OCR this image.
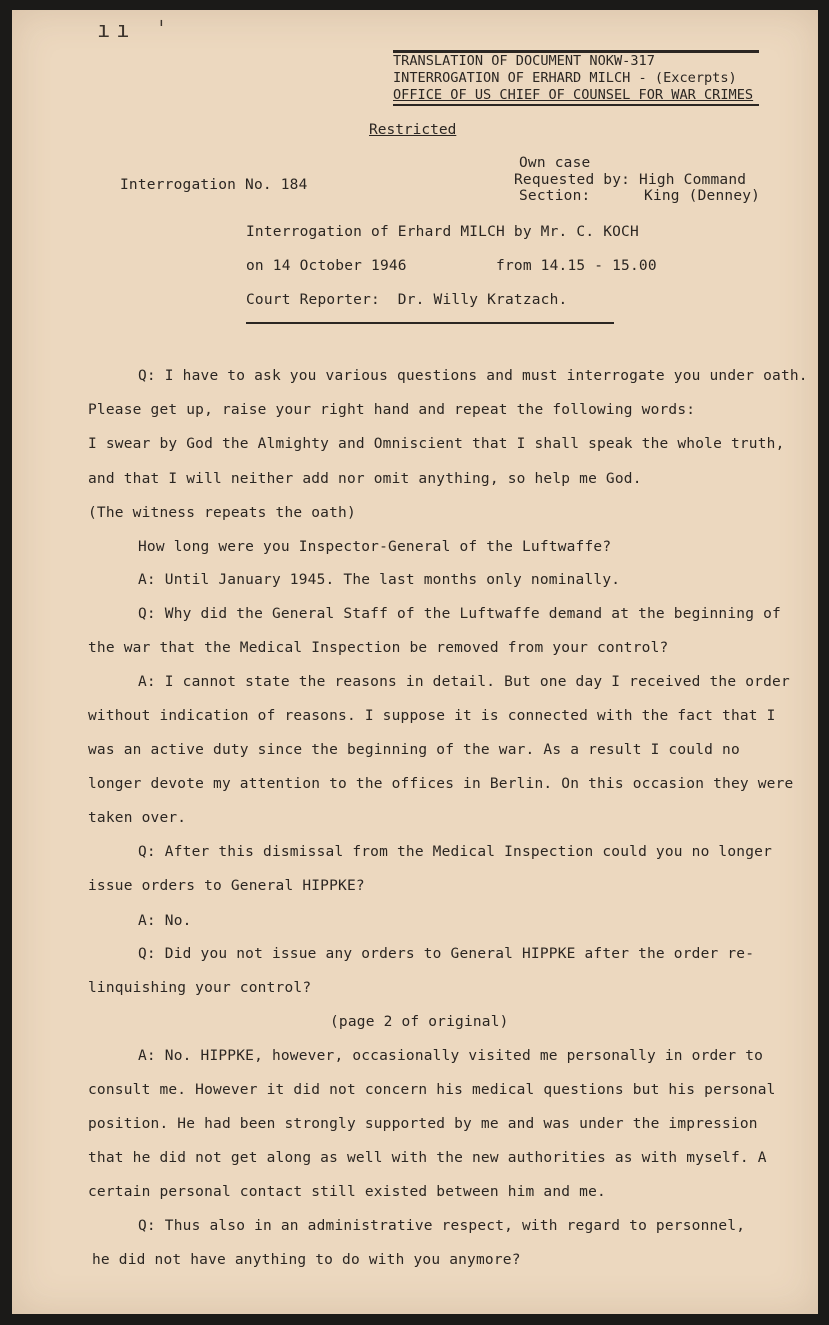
ıı ˈ
TRANSLATION OF DOCUMENT NOKW-317
INTERROGATION OF ERHARD MILCH - (Excerpts)
OFFICE OF US CHIEF OF COUNSEL FOR WAR CRIMES
Restricted
Interrogation No. 184
Own case
Requested by: High Command
Section:      King (Denney)
Interrogation of Erhard MILCH by Mr. C. KOCH
on 14 October 1946          from 14.15 - 15.00
Court Reporter:  Dr. Willy Kratzach.
Q: I have to ask you various questions and must interrogate you under oath.
Please get up, raise your right hand and repeat the following words:
I swear by God the Almighty and Omniscient that I shall speak the whole truth,
and that I will neither add nor omit anything, so help me God.
(The witness repeats the oath)
How long were you Inspector-General of the Luftwaffe?
A: Until January 1945. The last months only nominally.
Q: Why did the General Staff of the Luftwaffe demand at the beginning of
the war that the Medical Inspection be removed from your control?
A: I cannot state the reasons in detail. But one day I received the order
without indication of reasons. I suppose it is connected with the fact that I
was an active duty since the beginning of the war. As a result I could no
longer devote my attention to the offices in Berlin. On this occasion they were
taken over.
Q: After this dismissal from the Medical Inspection could you no longer
issue orders to General HIPPKE?
A: No.
Q: Did you not issue any orders to General HIPPKE after the order re-
linquishing your control?
(page 2 of original)
A: No. HIPPKE, however, occasionally visited me personally in order to
consult me. However it did not concern his medical questions but his personal
position. He had been strongly supported by me and was under the impression
that he did not get along as well with the new authorities as with myself. A
certain personal contact still existed between him and me.
Q: Thus also in an administrative respect, with regard to personnel,
he did not have anything to do with you anymore?
